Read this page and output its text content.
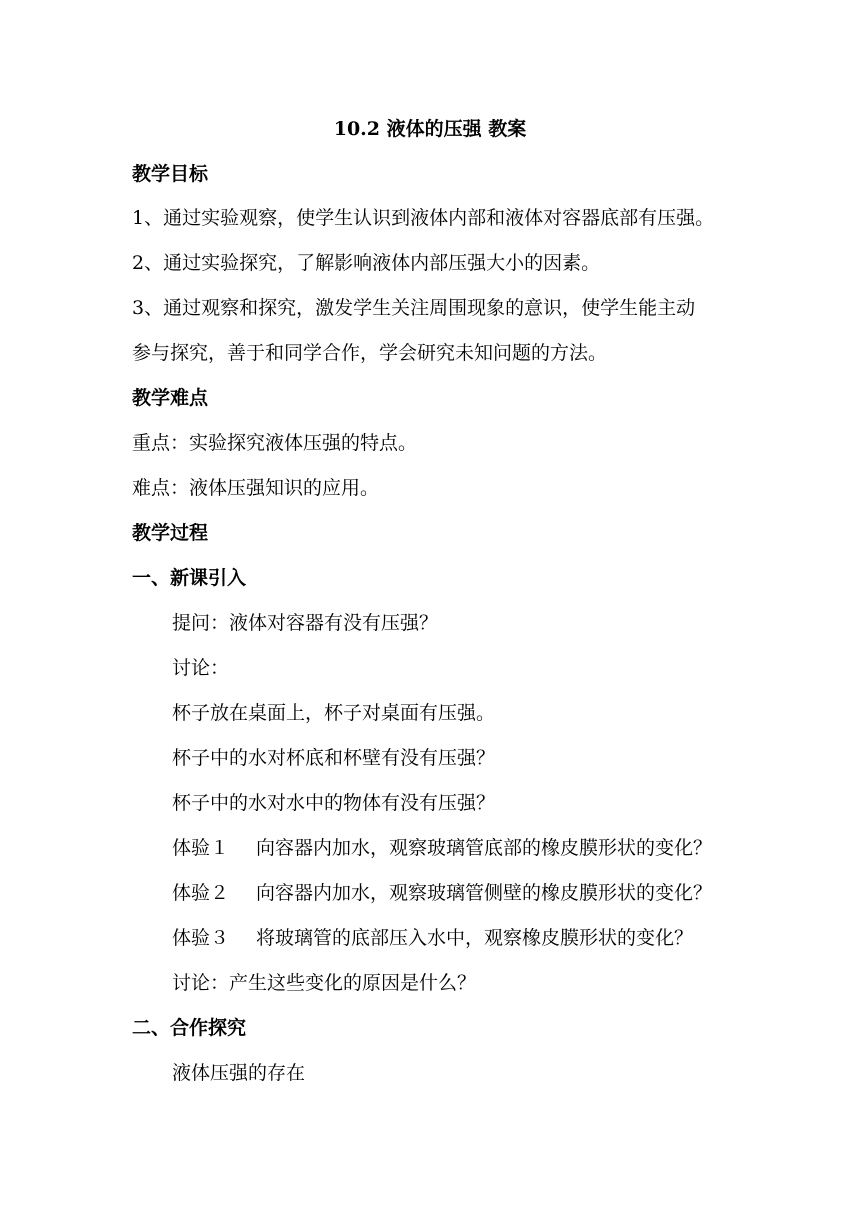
10.2 液体的压强 教案
教学目标
1、通过实验观察，使学生认识到液体内部和液体对容器底部有压强。
2、通过实验探究，了解影响液体内部压强大小的因素。
3、通过观察和探究，激发学生关注周围现象的意识，使学生能主动
参与探究，善于和同学合作，学会研究未知问题的方法。
教学难点
重点：实验探究液体压强的特点。
难点：液体压强知识的应用。
教学过程
一、新课引入
提问：液体对容器有没有压强？
讨论：
杯子放在桌面上，杯子对桌面有压强。
杯子中的水对杯底和杯壁有没有压强？
杯子中的水对水中的物体有没有压强？
体验１ 向容器内加水，观察玻璃管底部的橡皮膜形状的变化？
体验２ 向容器内加水，观察玻璃管侧壁的橡皮膜形状的变化？
体验３ 将玻璃管的底部压入水中，观察橡皮膜形状的变化？
讨论：产生这些变化的原因是什么？
二、合作探究
液体压强的存在
